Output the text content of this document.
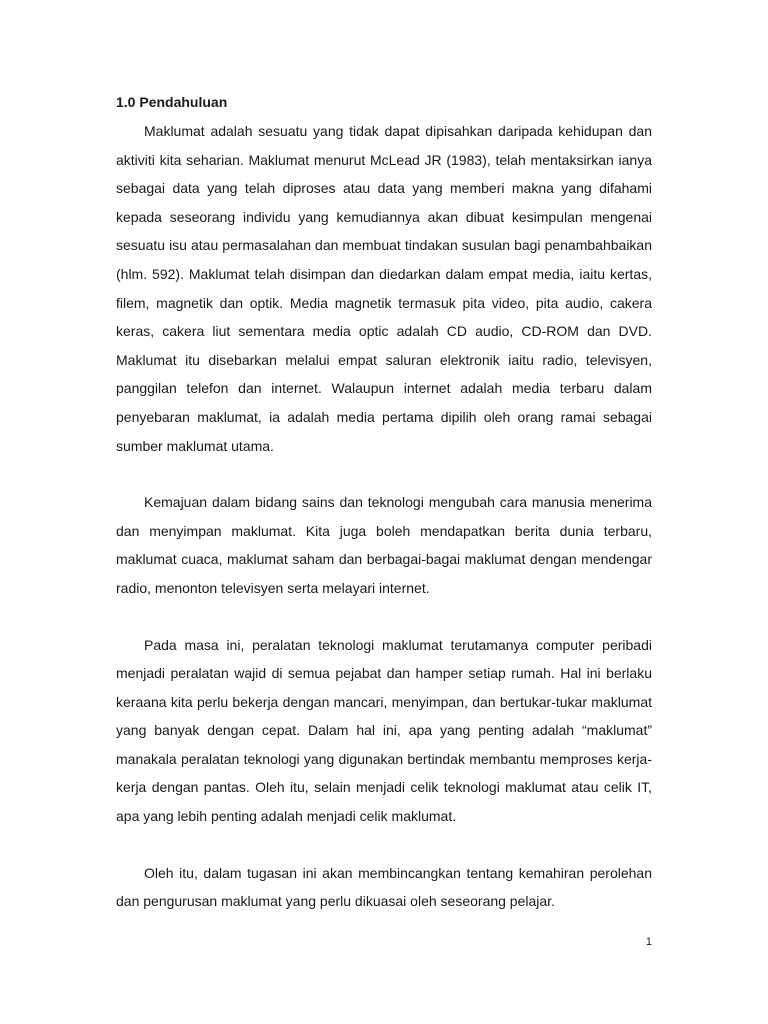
1.0 Pendahuluan

Maklumat adalah sesuatu yang tidak dapat dipisahkan daripada kehidupan dan aktiviti kita seharian. Maklumat menurut McLead JR (1983), telah mentaksirkan ianya sebagai data yang telah diproses atau data yang memberi makna yang difahami kepada seseorang individu yang kemudiannya akan dibuat kesimpulan mengenai sesuatu isu atau permasalahan dan membuat tindakan susulan bagi penambahbaikan (hlm. 592). Maklumat telah disimpan dan diedarkan dalam empat media, iaitu kertas, filem, magnetik dan optik. Media magnetik termasuk pita video, pita audio, cakera keras, cakera liut sementara media optic adalah CD audio, CD-ROM dan DVD. Maklumat itu disebarkan melalui empat saluran elektronik iaitu radio, televisyen, panggilan telefon dan internet. Walaupun internet adalah media terbaru dalam penyebaran maklumat, ia adalah media pertama dipilih oleh orang ramai sebagai sumber maklumat utama.

Kemajuan dalam bidang sains dan teknologi mengubah cara manusia menerima dan menyimpan maklumat. Kita juga boleh mendapatkan berita dunia terbaru, maklumat cuaca, maklumat saham dan berbagai-bagai maklumat dengan mendengar radio, menonton televisyen serta melayari internet.

Pada masa ini, peralatan teknologi maklumat terutamanya computer peribadi menjadi peralatan wajid di semua pejabat dan hamper setiap rumah. Hal ini berlaku keraana kita perlu bekerja dengan mancari, menyimpan, dan bertukar-tukar maklumat yang banyak dengan cepat. Dalam hal ini, apa yang penting adalah “maklumat” manakala peralatan teknologi yang digunakan bertindak membantu memproses kerja-kerja dengan pantas. Oleh itu, selain menjadi celik teknologi maklumat atau celik IT, apa yang lebih penting adalah menjadi celik maklumat.

Oleh itu, dalam tugasan ini akan membincangkan tentang kemahiran perolehan dan pengurusan maklumat yang perlu dikuasai oleh seseorang pelajar.

1
